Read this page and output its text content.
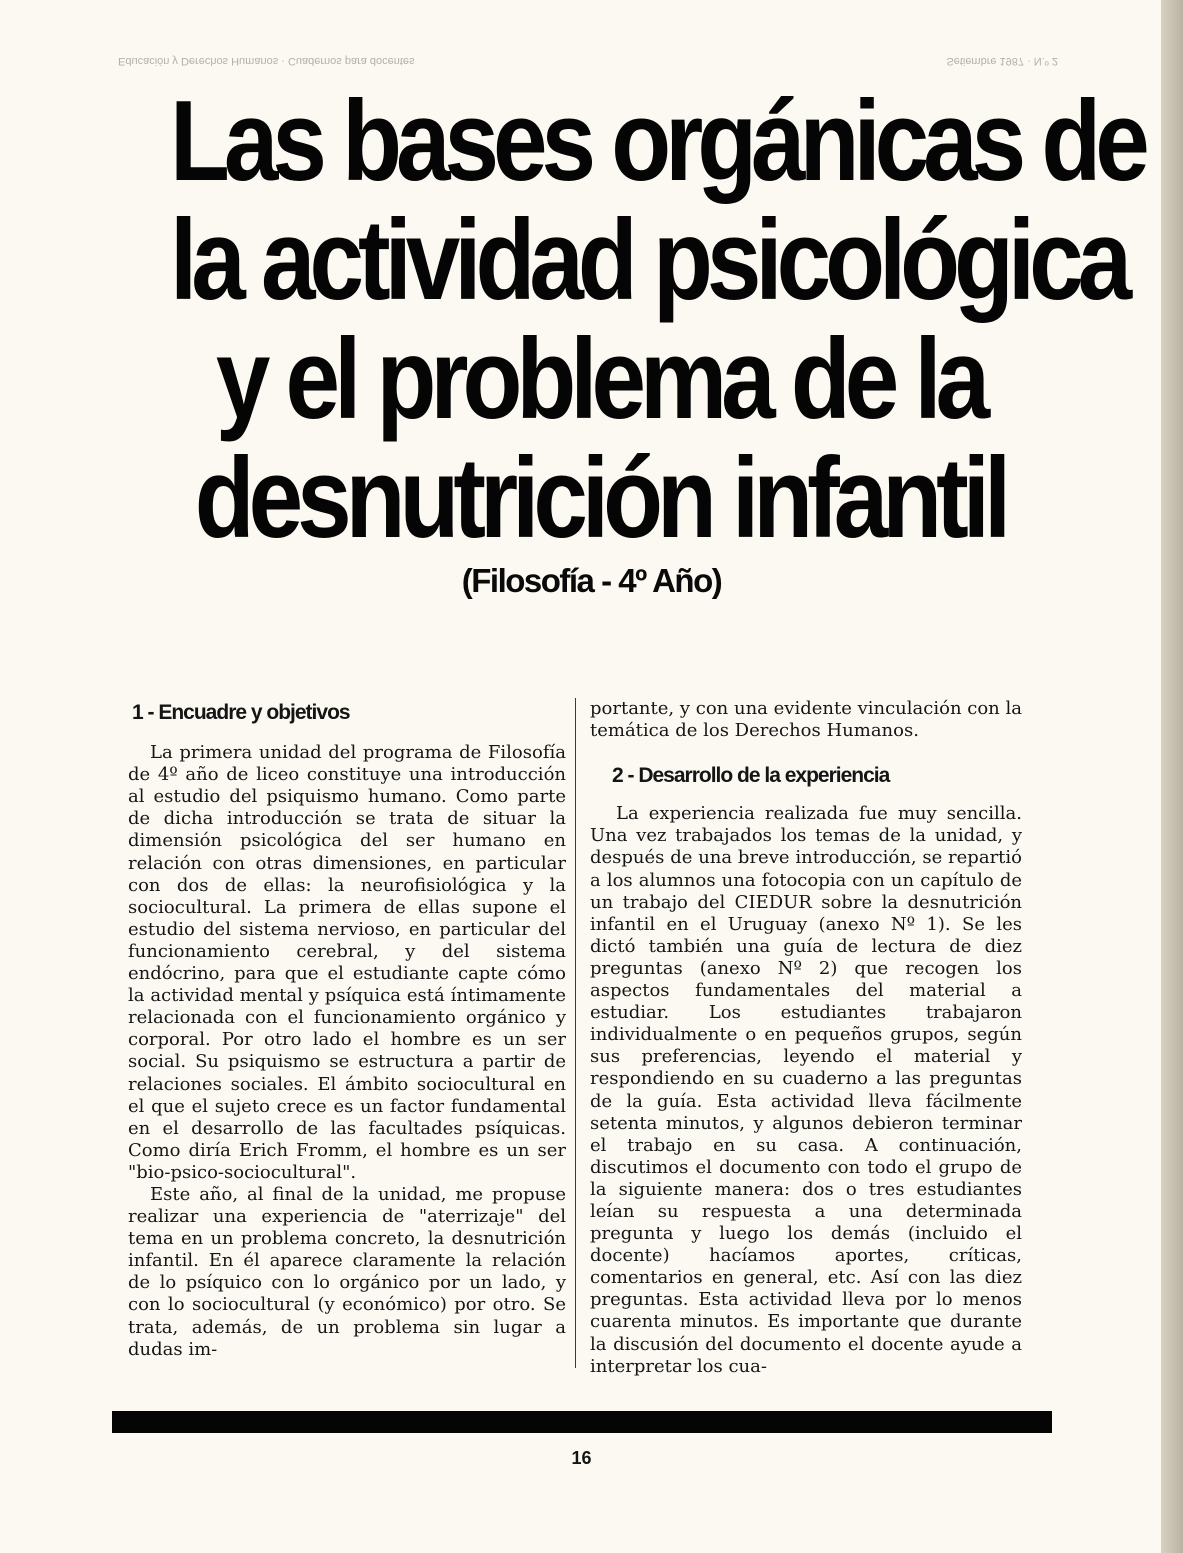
Educación y Derechos Humanos · Cuadernos para docentes	Setiembre 1987 · N.º 2
Las bases orgánicas de
la actividad psicológica
y el problema de la
desnutrición infantil
(Filosofía - 4º Año)
1 - Encuadre y objetivos

La primera unidad del programa de Filosofía de 4º año de liceo constituye una introducción al estudio del psiquismo humano. Como parte de dicha introducción se trata de situar la dimensión psicológica del ser humano en relación con otras dimensiones, en particular con dos de ellas: la neurofisiológica y la sociocultural. La primera de ellas supone el estudio del sistema nervioso, en particular del funcionamiento cerebral, y del sistema endócrino, para que el estudiante capte cómo la actividad mental y psíquica está íntimamente relacionada con el funcionamiento orgánico y corporal. Por otro lado el hombre es un ser social. Su psiquismo se estructura a partir de relaciones sociales. El ámbito sociocultural en el que el sujeto crece es un factor fundamental en el desarrollo de las facultades psíquicas. Como diría Erich Fromm, el hombre es un ser "bio-psico-sociocultural".

Este año, al final de la unidad, me propuse realizar una experiencia de "aterrizaje" del tema en un problema concreto, la desnutrición infantil. En él aparece claramente la relación de lo psíquico con lo orgánico por un lado, y con lo sociocultural (y económico) por otro. Se trata, además, de un problema sin lugar a dudas im-

portante, y con una evidente vinculación con la temática de los Derechos Humanos.

2 - Desarrollo de la experiencia

La experiencia realizada fue muy sencilla. Una vez trabajados los temas de la unidad, y después de una breve introducción, se repartió a los alumnos una fotocopia con un capítulo de un trabajo del CIEDUR sobre la desnutrición infantil en el Uruguay (anexo Nº 1). Se les dictó también una guía de lectura de diez preguntas (anexo Nº 2) que recogen los aspectos fundamentales del material a estudiar. Los estudiantes trabajaron individualmente o en pequeños grupos, según sus preferencias, leyendo el material y respondiendo en su cuaderno a las preguntas de la guía. Esta actividad lleva fácilmente setenta minutos, y algunos debieron terminar el trabajo en su casa. A continuación, discutimos el documento con todo el grupo de la siguiente manera: dos o tres estudiantes leían su respuesta a una determinada pregunta y luego los demás (incluido el docente) hacíamos aportes, críticas, comentarios en general, etc. Así con las diez preguntas. Esta actividad lleva por lo menos cuarenta minutos. Es importante que durante la discusión del documento el docente ayude a interpretar los cua-

16
